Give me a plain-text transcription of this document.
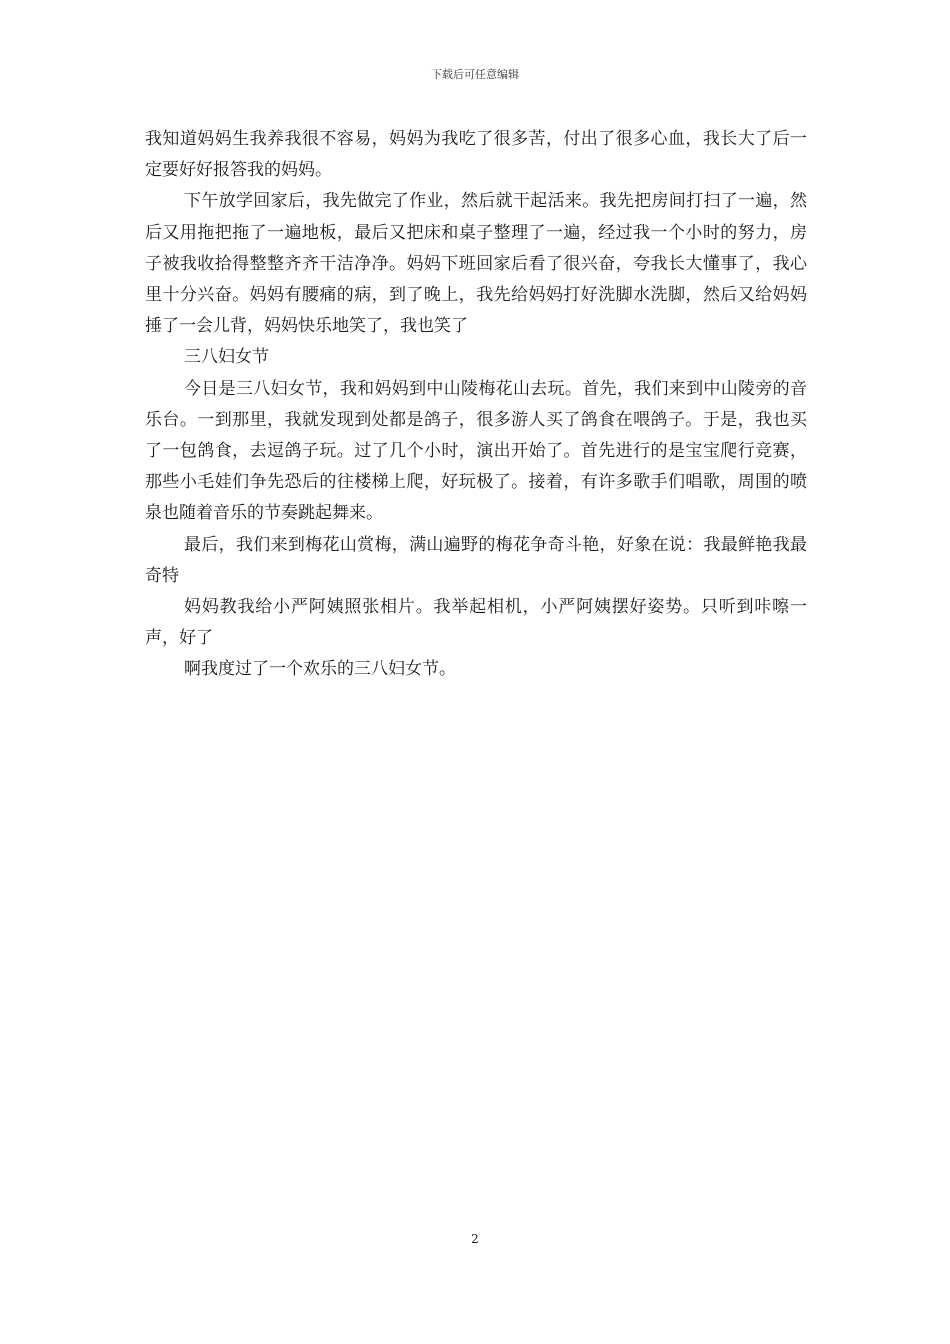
下载后可任意编辑

我知道妈妈生我养我很不容易，妈妈为我吃了很多苦，付出了很多心血，我长大了后一定要好好报答我的妈妈。

下午放学回家后，我先做完了作业，然后就干起活来。我先把房间打扫了一遍，然后又用拖把拖了一遍地板，最后又把床和桌子整理了一遍，经过我一个小时的努力，房子被我收拾得整整齐齐干洁净净。妈妈下班回家后看了很兴奋，夸我长大懂事了，我心里十分兴奋。妈妈有腰痛的病，到了晚上，我先给妈妈打好洗脚水洗脚，然后又给妈妈捶了一会儿背，妈妈快乐地笑了，我也笑了

三八妇女节

今日是三八妇女节，我和妈妈到中山陵梅花山去玩。首先，我们来到中山陵旁的音乐台。一到那里，我就发现到处都是鸽子，很多游人买了鸽食在喂鸽子。于是，我也买了一包鸽食，去逗鸽子玩。过了几个小时，演出开始了。首先进行的是宝宝爬行竞赛，那些小毛娃们争先恐后的往楼梯上爬，好玩极了。接着，有许多歌手们唱歌，周围的喷泉也随着音乐的节奏跳起舞来。

最后，我们来到梅花山赏梅，满山遍野的梅花争奇斗艳，好象在说：我最鲜艳我最奇特

妈妈教我给小严阿姨照张相片。我举起相机，小严阿姨摆好姿势。只听到咔嚓一声，好了

啊我度过了一个欢乐的三八妇女节。

2
